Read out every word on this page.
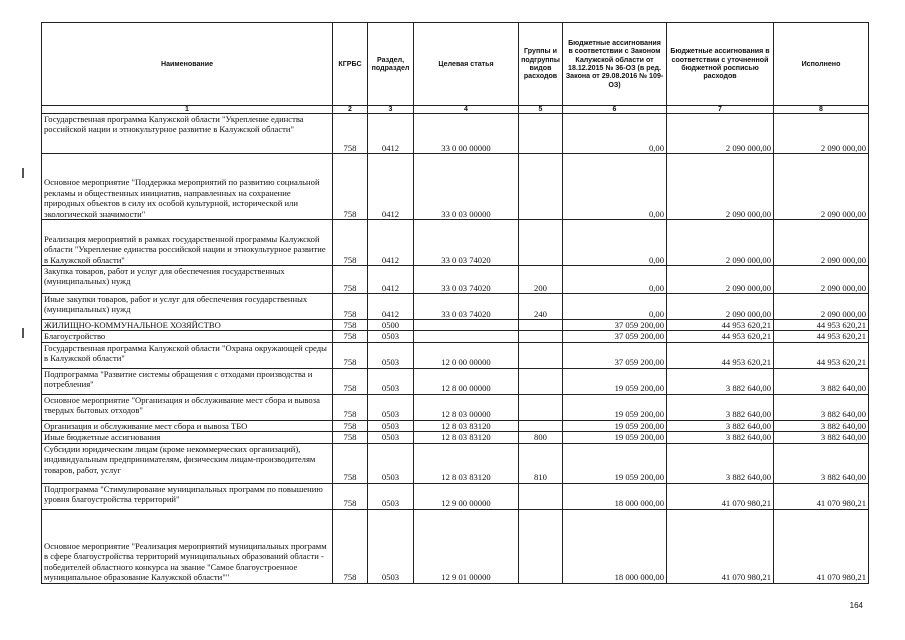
Наименование	КГРБС	Раздел, подраздел	Целевая статья	Группы и подгруппы видов расходов	Бюджетные ассигнования в соответствии с Законом Калужской области от 18.12.2015 № 36-ОЗ (в ред. Закона от 29.08.2016 № 109-ОЗ)	Бюджетные ассигнования в соответствии с уточненной бюджетной росписью расходов	Исполнено
1	2	3	4	5	6	7	8
Государственная программа Калужской области "Укрепление единства российской нации и этнокультурное развитие в Калужской области"	758	0412	33 0 00 00000		0,00	2 090 000,00	2 090 000,00
Основное мероприятие "Поддержка мероприятий по развитию социальной рекламы и общественных инициатив, направленных на сохранение природных объектов в силу их особой культурной, исторической или экологической значимости"	758	0412	33 0 03 00000		0,00	2 090 000,00	2 090 000,00
Реализация мероприятий в рамках государственной программы Калужской области "Укрепление единства российской нации и этнокультурное развитие в Калужской области"	758	0412	33 0 03 74020		0,00	2 090 000,00	2 090 000,00
Закупка товаров, работ и услуг для обеспечения государственных (муниципальных) нужд	758	0412	33 0 03 74020	200	0,00	2 090 000,00	2 090 000,00
Иные закупки товаров, работ и услуг для обеспечения государственных (муниципальных) нужд	758	0412	33 0 03 74020	240	0,00	2 090 000,00	2 090 000,00
ЖИЛИЩНО-КОММУНАЛЬНОЕ ХОЗЯЙСТВО	758	0500			37 059 200,00	44 953 620,21	44 953 620,21
Благоустройство	758	0503			37 059 200,00	44 953 620,21	44 953 620,21
Государственная программа Калужской области "Охрана окружающей среды в Калужской области"	758	0503	12 0 00 00000		37 059 200,00	44 953 620,21	44 953 620,21
Подпрограмма "Развитие системы обращения с отходами производства и потребления"	758	0503	12 8 00 00000		19 059 200,00	3 882 640,00	3 882 640,00
Основное мероприятие "Организация и обслуживание мест сбора и вывоза твердых бытовых отходов"	758	0503	12 8 03 00000		19 059 200,00	3 882 640,00	3 882 640,00
Организация и обслуживание мест сбора и вывоза ТБО	758	0503	12 8 03 83120		19 059 200,00	3 882 640,00	3 882 640,00
Иные бюджетные ассигнования	758	0503	12 8 03 83120	800	19 059 200,00	3 882 640,00	3 882 640,00
Субсидии юридическим лицам (кроме некоммерческих организаций), индивидуальным предпринимателям, физическим лицам-производителям товаров, работ, услуг	758	0503	12 8 03 83120	810	19 059 200,00	3 882 640,00	3 882 640,00
Подпрограмма "Стимулирование муниципальных программ по повышению уровня благоустройства территорий"	758	0503	12 9 00 00000		18 000 000,00	41 070 980,21	41 070 980,21
Основное мероприятие "Реализация мероприятий муниципальных программ в сфере благоустройства территорий муниципальных образований области - победителей областного конкурса на звание "Самое благоустроенное муниципальное образование Калужской области""	758	0503	12 9 01 00000		18 000 000,00	41 070 980,21	41 070 980,21
164
